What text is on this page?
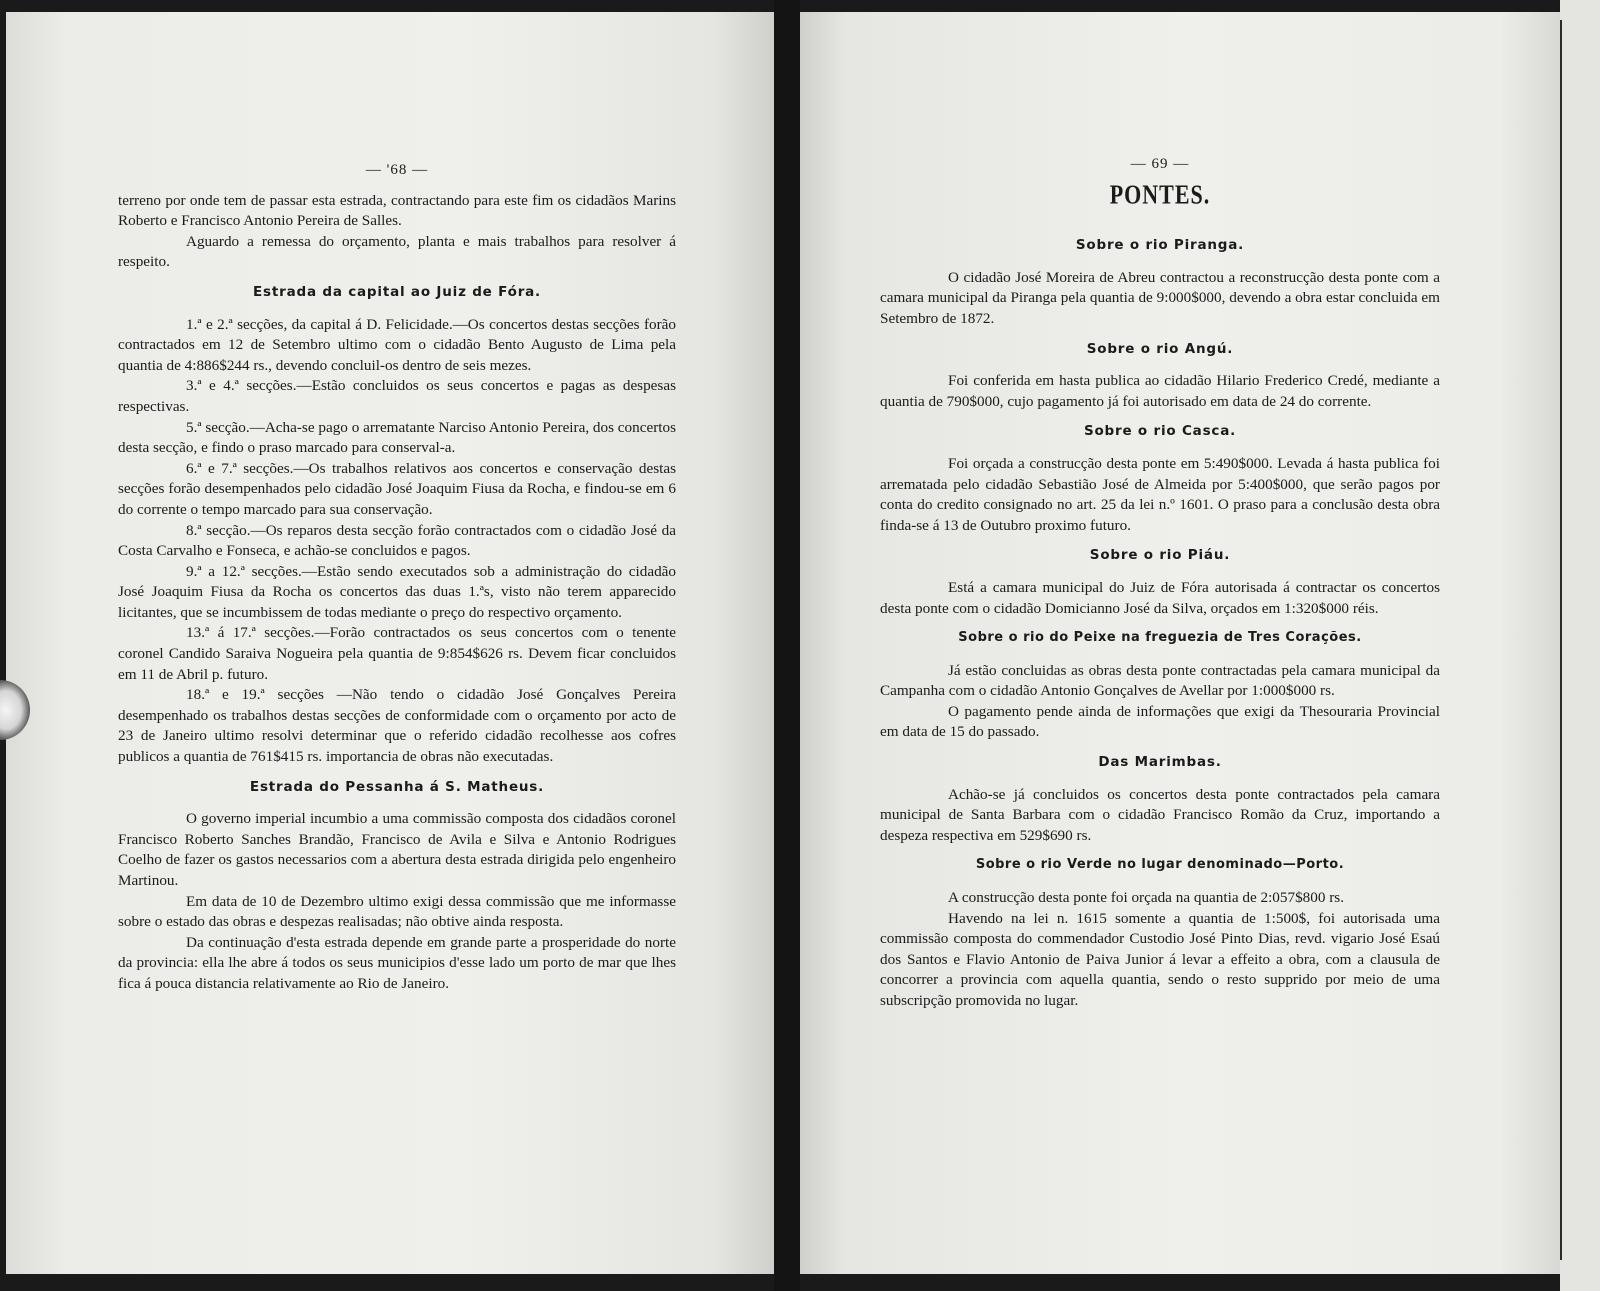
— '68 —

terreno por onde tem de passar esta estrada, contractando para este fim os cidadãos Marins Roberto e Francisco Antonio Pereira de Salles.

Aguardo a remessa do orçamento, planta e mais trabalhos para resolver á respeito.

Estrada da capital ao Juiz de Fóra.

1.ª e 2.ª secções, da capital á D. Felicidade.—Os concertos destas secções forão contractados em 12 de Setembro ultimo com o cidadão Bento Augusto de Lima pela quantia de 4:886$244 rs., devendo concluil-os dentro de seis mezes.

3.ª e 4.ª secções.—Estão concluidos os seus concertos e pagas as despesas respectivas.

5.ª secção.—Acha-se pago o arrematante Narciso Antonio Pereira, dos concertos desta secção, e findo o praso marcado para conserval-a.

6.ª e 7.ª secções.—Os trabalhos relativos aos concertos e conservação destas secções forão desempenhados pelo cidadão José Joaquim Fiusa da Rocha, e findou-se em 6 do corrente o tempo marcado para sua conservação.

8.ª secção.—Os reparos desta secção forão contractados com o cidadão José da Costa Carvalho e Fonseca, e achão-se concluidos e pagos.

9.ª a 12.ª secções.—Estão sendo executados sob a administração do cidadão José Joaquim Fiusa da Rocha os concertos das duas 1.ªs, visto não terem apparecido licitantes, que se incumbissem de todas mediante o preço do respectivo orçamento.

13.ª á 17.ª secções.—Forão contractados os seus concertos com o tenente coronel Candido Saraiva Nogueira pela quantia de 9:854$626 rs. Devem ficar concluidos em 11 de Abril p. futuro.

18.ª e 19.ª secções —Não tendo o cidadão José Gonçalves Pereira desempenhado os trabalhos destas secções de conformidade com o orçamento por acto de 23 de Janeiro ultimo resolvi determinar que o referido cidadão recolhesse aos cofres publicos a quantia de 761$415 rs. importancia de obras não executadas.

Estrada do Pessanha á S. Matheus.

O governo imperial incumbio a uma commissão composta dos cidadãos coronel Francisco Roberto Sanches Brandão, Francisco de Avila e Silva e Antonio Rodrigues Coelho de fazer os gastos necessarios com a abertura desta estrada dirigida pelo engenheiro Martinou.

Em data de 10 de Dezembro ultimo exigi dessa commissão que me informasse sobre o estado das obras e despezas realisadas; não obtive ainda resposta.

Da continuação d'esta estrada depende em grande parte a prosperidade do norte da provincia: ella lhe abre á todos os seus municipios d'esse lado um porto de mar que lhes fica á pouca distancia relativamente ao Rio de Janeiro.

— 69 —
PONTES.
Sobre o rio Piranga.

O cidadão José Moreira de Abreu contractou a reconstrucção desta ponte com a camara municipal da Piranga pela quantia de 9:000$000, devendo a obra estar concluida em Setembro de 1872.

Sobre o rio Angú.

Foi conferida em hasta publica ao cidadão Hilario Frederico Credé, mediante a quantia de 790$000, cujo pagamento já foi autorisado em data de 24 do corrente.

Sobre o rio Casca.

Foi orçada a construcção desta ponte em 5:490$000. Levada á hasta publica foi arrematada pelo cidadão Sebastião José de Almeida por 5:400$000, que serão pagos por conta do credito consignado no art. 25 da lei n.º 1601. O praso para a conclusão desta obra finda-se á 13 de Outubro proximo futuro.

Sobre o rio Piáu.

Está a camara municipal do Juiz de Fóra autorisada á contractar os concertos desta ponte com o cidadão Domicianno José da Silva, orçados em 1:320$000 réis.

Sobre o rio do Peixe na freguezia de Tres Corações.

Já estão concluidas as obras desta ponte contractadas pela camara municipal da Campanha com o cidadão Antonio Gonçalves de Avellar por 1:000$000 rs.

O pagamento pende ainda de informações que exigi da Thesouraria Provincial em data de 15 do passado.

Das Marimbas.

Achão-se já concluidos os concertos desta ponte contractados pela camara municipal de Santa Barbara com o cidadão Francisco Romão da Cruz, importando a despeza respectiva em 529$690 rs.

Sobre o rio Verde no lugar denominado—Porto.

A construcção desta ponte foi orçada na quantia de 2:057$800 rs.

Havendo na lei n. 1615 somente a quantia de 1:500$, foi autorisada uma commissão composta do commendador Custodio José Pinto Dias, revd. vigario José Esaú dos Santos e Flavio Antonio de Paiva Junior á levar a effeito a obra, com a clausula de concorrer a provincia com aquella quantia, sendo o resto supprido por meio de uma subscripção promovida no lugar.
